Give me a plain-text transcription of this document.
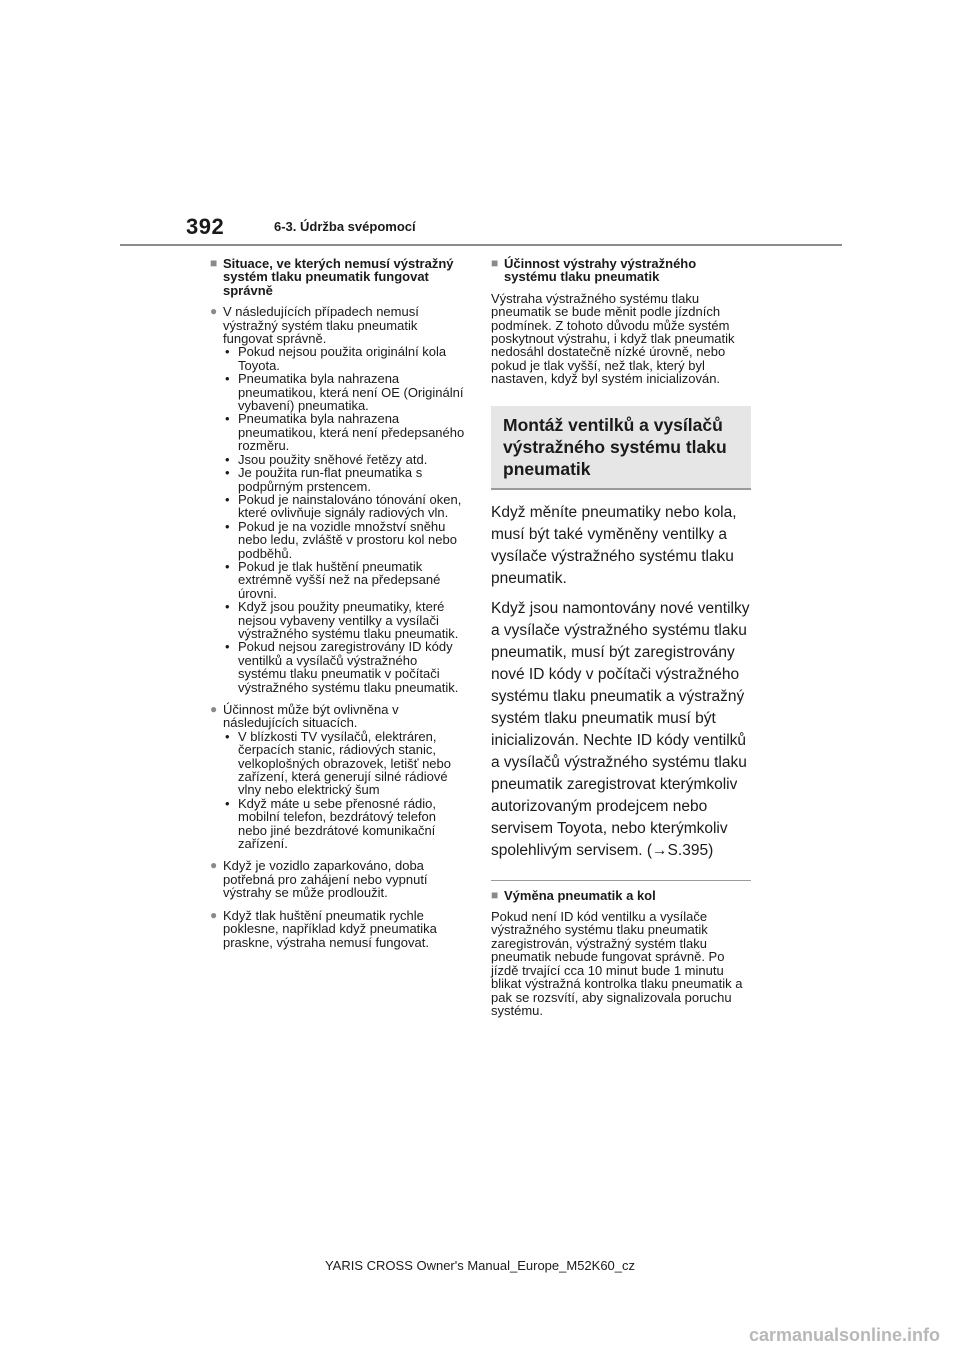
392	6-3. Údržba svépomocí
■ Situace, ve kterých nemusí výstražný systém tlaku pneumatik fungovat správně
● V následujících případech nemusí výstražný systém tlaku pneumatik fungovat správně.
• Pokud nejsou použita originální kola Toyota.
• Pneumatika byla nahrazena pneumatikou, která není OE (Originální vybavení) pneumatika.
• Pneumatika byla nahrazena pneumatikou, která není předepsaného rozměru.
• Jsou použity sněhové řetězy atd.
• Je použita run-flat pneumatika s podpůrným prstencem.
• Pokud je nainstalováno tónování oken, které ovlivňuje signály radiových vln.
• Pokud je na vozidle množství sněhu nebo ledu, zvláště v prostoru kol nebo podběhů.
• Pokud je tlak huštění pneumatik extrémně vyšší než na předepsané úrovni.
• Když jsou použity pneumatiky, které nejsou vybaveny ventilky a vysílači výstražného systému tlaku pneumatik.
• Pokud nejsou zaregistrovány ID kódy ventilků a vysílačů výstražného systému tlaku pneumatik v počítači výstražného systému tlaku pneumatik.
● Účinnost může být ovlivněna v následujících situacích.
• V blízkosti TV vysílačů, elektráren, čerpacích stanic, rádiových stanic, velkoplošných obrazovek, letišť nebo zařízení, která generují silné rádiové vlny nebo elektrický šum
• Když máte u sebe přenosné rádio, mobilní telefon, bezdrátový telefon nebo jiné bezdrátové komunikační zařízení.
● Když je vozidlo zaparkováno, doba potřebná pro zahájení nebo vypnutí výstrahy se může prodloužit.
● Když tlak huštění pneumatik rychle poklesne, například když pneumatika praskne, výstraha nemusí fungovat.
■ Účinnost výstrahy výstražného systému tlaku pneumatik
Výstraha výstražného systému tlaku pneumatik se bude měnit podle jízdních podmínek. Z tohoto důvodu může systém poskytnout výstrahu, i když tlak pneumatik nedosáhl dostatečně nízké úrovně, nebo pokud je tlak vyšší, než tlak, který byl nastaven, když byl systém inicializován.
Montáž ventilků a vysílačů výstražného systému tlaku pneumatik
Když měníte pneumatiky nebo kola, musí být také vyměněny ventilky a vysílače výstražného systému tlaku pneumatik.
Když jsou namontovány nové ventilky a vysílače výstražného systému tlaku pneumatik, musí být zaregistrovány nové ID kódy v počítači výstražného systému tlaku pneumatik a výstražný systém tlaku pneumatik musí být inicializován. Nechte ID kódy ventilků a vysílačů výstražného systému tlaku pneumatik zaregistrovat kterýmkoliv autorizovaným prodejcem nebo servisem Toyota, nebo kterýmkoliv spolehlivým servisem. (→S.395)
■ Výměna pneumatik a kol
Pokud není ID kód ventilku a vysílače výstražného systému tlaku pneumatik zaregistrován, výstražný systém tlaku pneumatik nebude fungovat správně. Po jízdě trvající cca 10 minut bude 1 minutu blikat výstražná kontrolka tlaku pneumatik a pak se rozsvítí, aby signalizovala poruchu systému.
YARIS CROSS Owner's Manual_Europe_M52K60_cz
carmanualsonline.info
